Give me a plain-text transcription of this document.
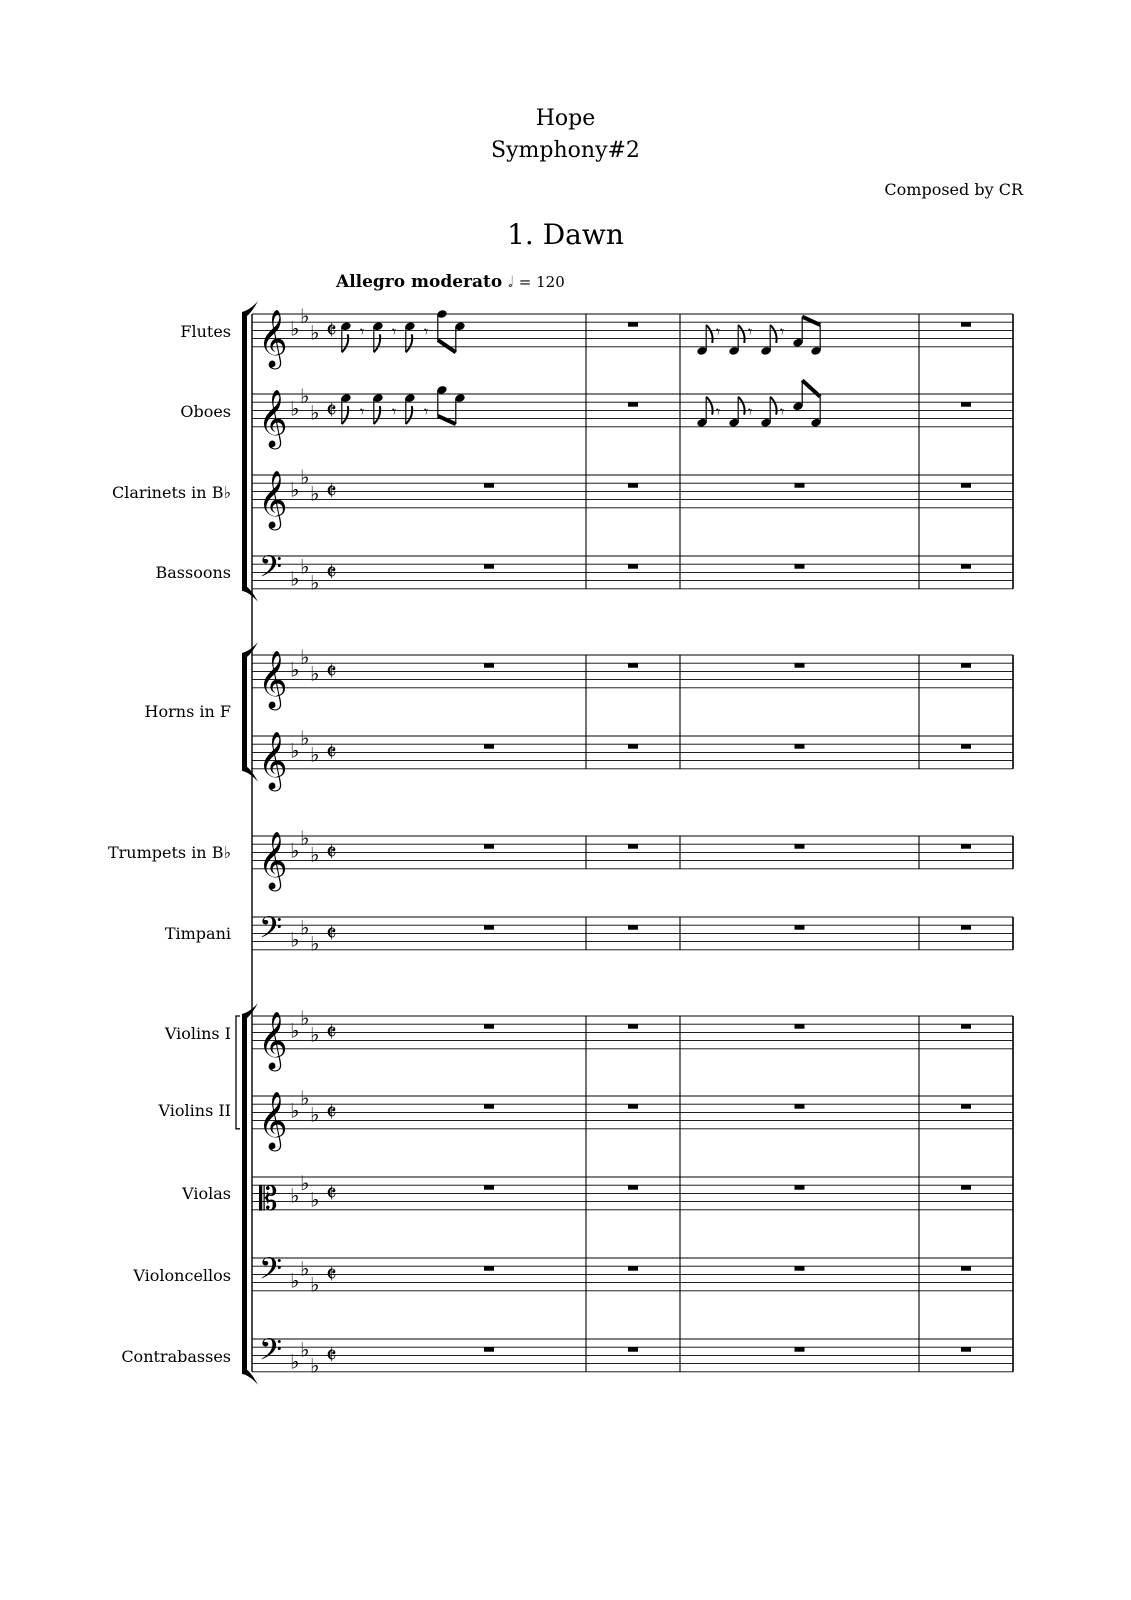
Hope
Symphony#2
Composed by CR
1. Dawn
Allegro moderato 𝅗𝅥 = 120
Flutes
Oboes
Clarinets in B♭
Bassoons
Horns in F
Trumpets in B♭
Timpani
Violins I
Violins II
Violas
Violoncellos
Contrabasses
𝄞 ♭
♭
♭ 𝄵
𝄞 ♭
♭
♭ 𝄵
𝄞 ♭
♭
♭ 𝄵
𝄢 ♭
♭
♭ 𝄵
𝄞 ♭
♭
♭ 𝄵
𝄞 ♭
♭
♭ 𝄵
𝄞 ♭
♭
♭ 𝄵
𝄢 ♭
♭
♭ 𝄵
𝄞 ♭
♭
♭ 𝄵
𝄞 ♭
♭
♭ 𝄵
𝄡 ♭
♭
♭ 𝄵
𝄢 ♭
♭
♭ 𝄵
𝄢 ♭
♭
♭ 𝄵
𝄾 𝄾 𝄾	𝄾 𝄾 𝄾
𝄾 𝄾 𝄾	𝄾 𝄾 𝄾
